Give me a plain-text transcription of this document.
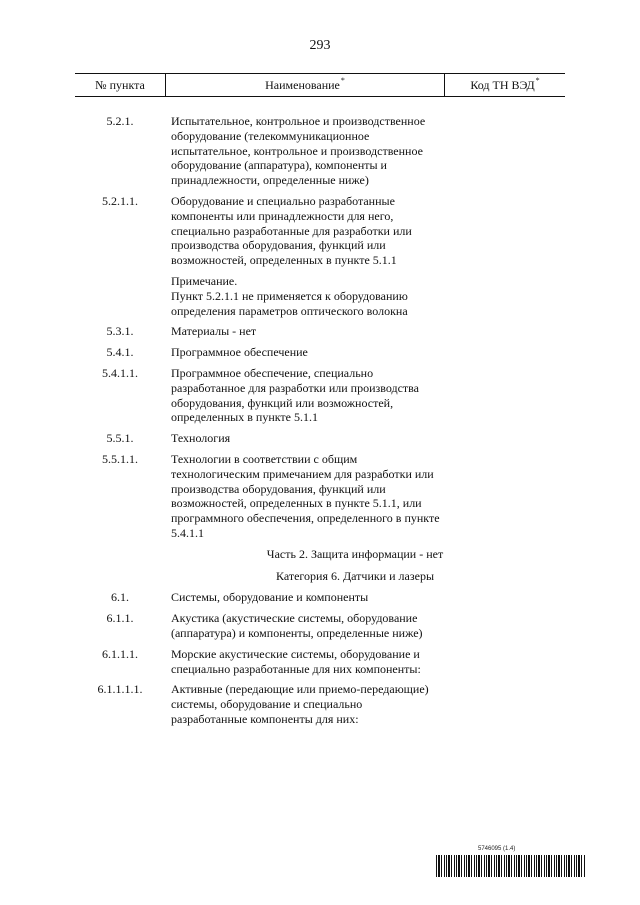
293
№ пункта	Наименование *	Код ТН ВЭД *
5.2.1.	Испытательное, контрольное и производственное оборудование (телекоммуникационное испытательное, контрольное и производственное оборудование (аппаратура), компоненты и принадлежности, определенные ниже)
5.2.1.1.	Оборудование и специально разработанные компоненты или принадлежности для него, специально разработанные для разработки или производства оборудования, функций или возможностей, определенных в пункте 5.1.1
Примечание.
Пункт 5.2.1.1 не применяется к оборудованию определения параметров оптического волокна
5.3.1.	Материалы - нет
5.4.1.	Программное обеспечение
5.4.1.1.	Программное обеспечение, специально разработанное для разработки или производства оборудования, функций или возможностей, определенных в пункте 5.1.1
5.5.1.	Технология
5.5.1.1.	Технологии в соответствии с общим технологическим примечанием для разработки или производства оборудования, функций или возможностей, определенных в пункте 5.1.1, или программного обеспечения, определенного в пункте 5.4.1.1
Часть 2. Защита информации - нет
Категория 6. Датчики и лазеры
6.1.	Системы, оборудование и компоненты
6.1.1.	Акустика (акустические системы, оборудование (аппаратура) и компоненты, определенные ниже)
6.1.1.1.	Морские акустические системы, оборудование и специально разработанные для них компоненты:
6.1.1.1.1.	Активные (передающие или приемо-передающие) системы, оборудование и специально разработанные компоненты для них:
5746095 (1.4)
